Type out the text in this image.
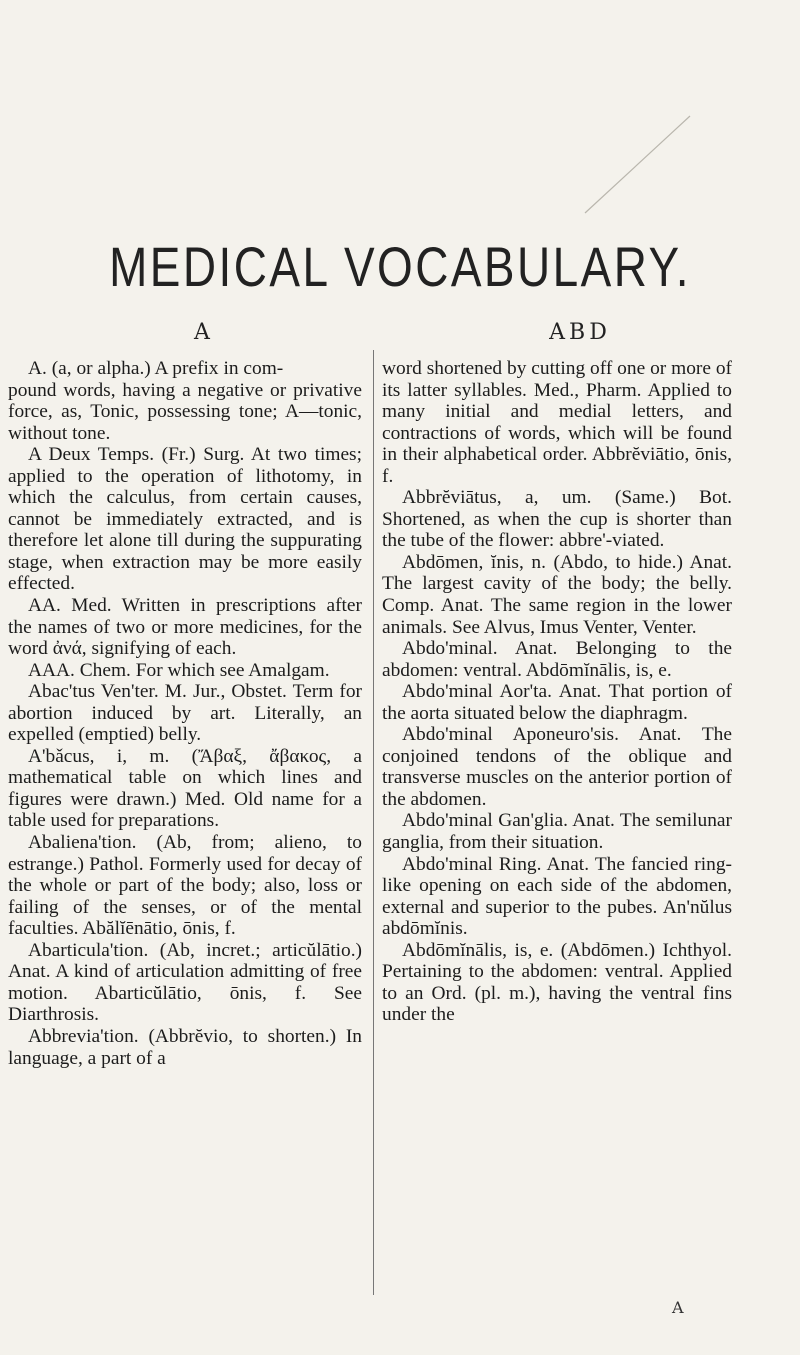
MEDICAL VOCABULARY.
A	ABD

A. (a, or alpha.) A prefix in com-

pound words, having a negative or privative force, as, Tonic, possessing tone; A—tonic, without tone.

A Deux Temps. (Fr.) Surg. At two times; applied to the operation of lithotomy, in which the calculus, from certain causes, cannot be immediately extracted, and is therefore let alone till during the suppurating stage, when extraction may be more easily effected.

AA. Med. Written in prescriptions after the names of two or more medicines, for the word ἀνά, signifying of each.

AAA. Chem. For which see Amalgam.

Abac'tus Ven'ter. M. Jur., Obstet. Term for abortion induced by art. Literally, an expelled (emptied) belly.

A'bǎcus, i, m. (Ἄβαξ, ἄβακος, a mathematical table on which lines and figures were drawn.) Med. Old name for a table used for preparations.

Abaliena'tion. (Ab, from; alieno, to estrange.) Pathol. Formerly used for decay of the whole or part of the body; also, loss or failing of the senses, or of the mental faculties. Abălĭēnātio, ōnis, f.

Abarticula'tion. (Ab, incret.; articŭlātio.) Anat. A kind of articulation admitting of free motion. Abarticŭlātio, ōnis, f. See Diarthrosis.

Abbrevia'tion. (Abbrĕvio, to shorten.) In language, a part of a

word shortened by cutting off one or more of its latter syllables. Med., Pharm. Applied to many initial and medial letters, and contractions of words, which will be found in their alphabetical order. Abbrĕviātio, ōnis, f.

Abbrĕviātus, a, um. (Same.) Bot. Shortened, as when the cup is shorter than the tube of the flower: abbre'-viated.

Abdōmen, ĭnis, n. (Abdo, to hide.) Anat. The largest cavity of the body; the belly. Comp. Anat. The same region in the lower animals. See Alvus, Imus Venter, Venter.

Abdo'minal. Anat. Belonging to the abdomen: ventral. Abdōmĭnālis, is, e.

Abdo'minal Aor'ta. Anat. That portion of the aorta situated below the diaphragm.

Abdo'minal Aponeuro'sis. Anat. The conjoined tendons of the oblique and transverse muscles on the anterior portion of the abdomen.

Abdo'minal Gan'glia. Anat. The semilunar ganglia, from their situation.

Abdo'minal Ring. Anat. The fancied ring-like opening on each side of the abdomen, external and superior to the pubes. An'nŭlus abdōmĭnis.

Abdōmĭnālis, is, e. (Abdōmen.) Ichthyol. Pertaining to the abdomen: ventral. Applied to an Ord. (pl. m.), having the ventral fins under the

A
